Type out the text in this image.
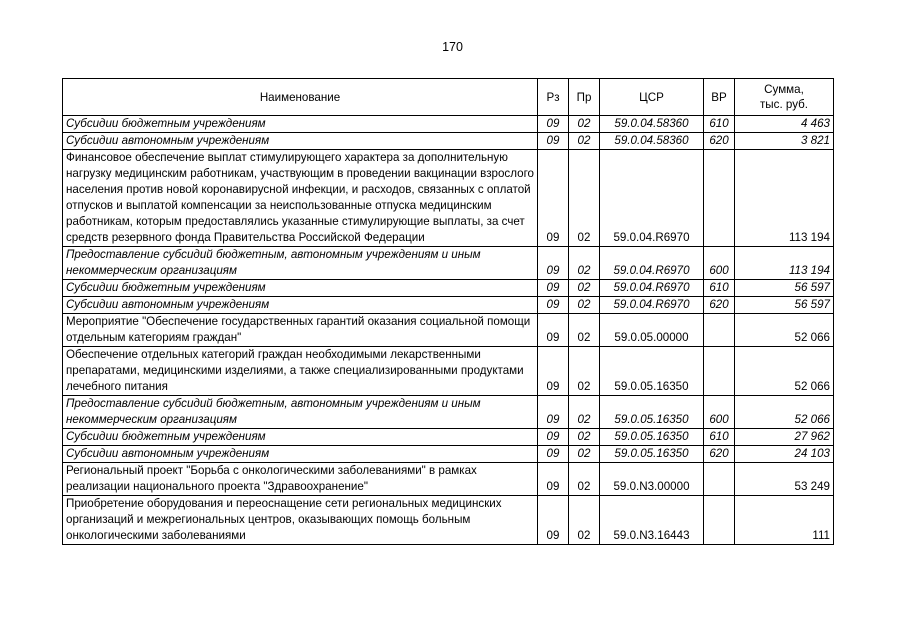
170
Наименование	Рз	Пр	ЦСР	ВР	Сумма,
тыс. руб.
Субсидии бюджетным учреждениям	09	02	59.0.04.58360	610	4 463
Субсидии автономным учреждениям	09	02	59.0.04.58360	620	3 821
Финансовое обеспечение выплат стимулирующего характера за дополнительную нагрузку медицинским работникам, участвующим в проведении вакцинации взрослого населения против новой коронавирусной инфекции, и расходов, связанных с оплатой отпусков и выплатой компенсации за неиспользованные отпуска медицинским работникам, которым предоставлялись указанные стимулирующие выплаты, за счет средств резервного фонда Правительства Российской Федерации	09	02	59.0.04.R6970		113 194
Предоставление субсидий бюджетным, автономным учреждениям и иным некоммерческим организациям	09	02	59.0.04.R6970	600	113 194
Субсидии бюджетным учреждениям	09	02	59.0.04.R6970	610	56 597
Субсидии автономным учреждениям	09	02	59.0.04.R6970	620	56 597
Мероприятие "Обеспечение государственных гарантий оказания социальной помощи отдельным категориям граждан"	09	02	59.0.05.00000		52 066
Обеспечение отдельных категорий граждан необходимыми лекарственными препаратами, медицинскими изделиями, а также специализированными продуктами лечебного питания	09	02	59.0.05.16350		52 066
Предоставление субсидий бюджетным, автономным учреждениям и иным некоммерческим организациям	09	02	59.0.05.16350	600	52 066
Субсидии бюджетным учреждениям	09	02	59.0.05.16350	610	27 962
Субсидии автономным учреждениям	09	02	59.0.05.16350	620	24 103
Региональный проект "Борьба с онкологическими заболеваниями" в рамках реализации национального проекта "Здравоохранение"	09	02	59.0.N3.00000		53 249
Приобретение оборудования и переоснащение сети региональных медицинских организаций и межрегиональных центров, оказывающих помощь больным онкологическими заболеваниями	09	02	59.0.N3.16443		111
